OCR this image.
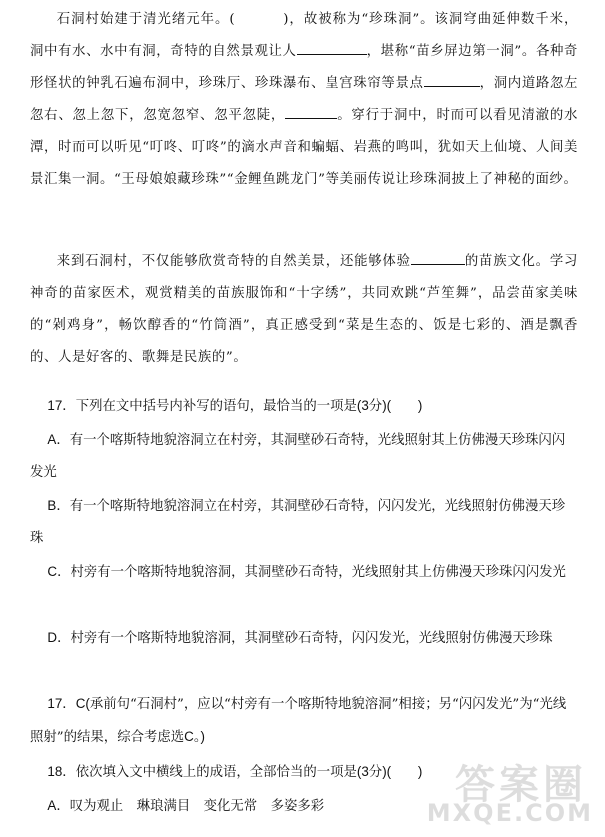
石洞村始建于清光绪元年。(	)，故被称为“珍珠洞”。该洞穹曲延伸数千米，洞中有水、水中有洞，奇特的自然景观让人	，堪称“苗乡屏边第一洞”。各种奇形怪状的钟乳石遍布洞中，珍珠厅、珍珠瀑布、皇宫珠帘等景点	，洞内道路忽左忽右、忽上忽下，忽宽忽窄、忽平忽陡，	。穿行于洞中，时而可以看见清澈的水潭，时而可以听见“叮咚、叮咚”的滴水声音和蝙蝠、岩燕的鸣叫，犹如天上仙境、人间美景汇集一洞。“王母娘娘藏珍珠”“金鲤鱼跳龙门”等美丽传说让珍珠洞披上了神秘的面纱。

来到石洞村，不仅能够欣赏奇特的自然美景，还能够体验	的苗族文化。学习神奇的苗家医术，观赏精美的苗族服饰和“十字绣”，共同欢跳“芦笙舞”，品尝苗家美味的“剁鸡身”，畅饮醇香的“竹筒酒”，真正感受到“菜是生态的、饭是七彩的、酒是飘香的、人是好客的、歌舞是民族的”。

17．下列在文中括号内补写的语句，最恰当的一项是(3分)(　　)

A．有一个喀斯特地貌溶洞立在村旁，其洞壁砂石奇特，光线照射其上仿佛漫天珍珠闪闪发光

B．有一个喀斯特地貌溶洞立在村旁，其洞壁砂石奇特，闪闪发光，光线照射仿佛漫天珍珠

C．村旁有一个喀斯特地貌溶洞，其洞壁砂石奇特，光线照射其上仿佛漫天珍珠闪闪发光

D．村旁有一个喀斯特地貌溶洞，其洞壁砂石奇特，闪闪发光，光线照射仿佛漫天珍珠

17．C(承前句“石洞村”，应以“村旁有一个喀斯特地貌溶洞”相接；另“闪闪发光”为“光线照射”的结果，综合考虑选C。)

18．依次填入文中横线上的成语，全部恰当的一项是(3分)(　　)

A．叹为观止　琳琅满目　变化无常　多姿多彩	答案圈
MXQE.COM
